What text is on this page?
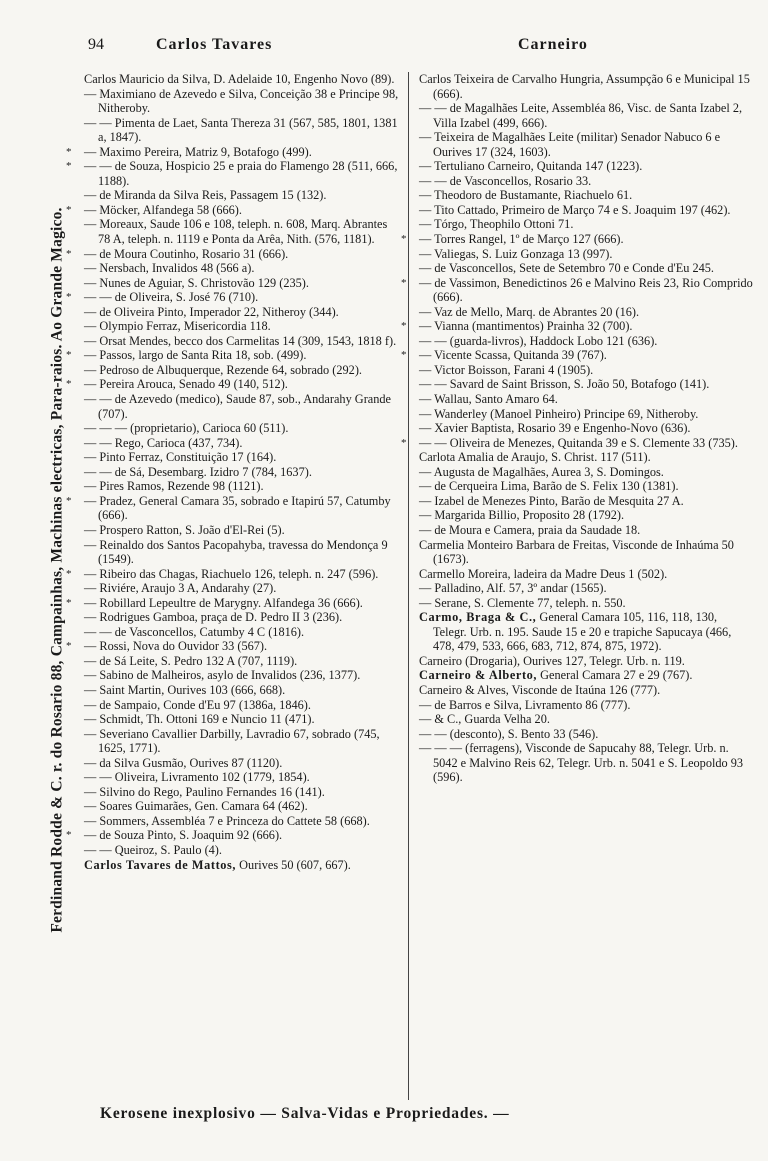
Ferdinand Rodde & C. r. do Rosario 88, Campainhas, Machinas electricas, Para-raios. Ao Grande Magico.
94	Carlos Tavares	Carneiro
Carlos Mauricio da Silva, D. Adelaide 10, Engenho Novo (89).
— Maximiano de Azevedo e Silva, Conceição 38 e Principe 98, Nitheroby.
— — Pimenta de Laet, Santa Thereza 31 (567, 585, 1801, 1381 a, 1847).
*	— Maximo Pereira, Matriz 9, Botafogo (499).
*	— — de Souza, Hospicio 25 e praia do Flamengo 28 (511, 666, 1188).
— de Miranda da Silva Reis, Passagem 15 (132).
*	— Möcker, Alfandega 58 (666).
— Moreaux, Saude 106 e 108, teleph. n. 608, Marq. Abrantes 78 A, teleph. n. 1119 e Ponta da Arêa, Nith. (576, 1181).
*	— de Moura Coutinho, Rosario 31 (666).
— Nersbach, Invalidos 48 (566 a).
— Nunes de Aguiar, S. Christovão 129 (235).
*	— — de Oliveira, S. José 76 (710).
— de Oliveira Pinto, Imperador 22, Nitheroy (344).
— Olympio Ferraz, Misericordia 118.
— Orsat Mendes, becco dos Carmelitas 14 (309, 1543, 1818 f).
*	— Passos, largo de Santa Rita 18, sob. (499).
— Pedroso de Albuquerque, Rezende 64, sobrado (292).
*	— Pereira Arouca, Senado 49 (140, 512).
— — de Azevedo (medico), Saude 87, sob., Andarahy Grande (707).
— — — (proprietario), Carioca 60 (511).
— — Rego, Carioca (437, 734).
— Pinto Ferraz, Constituição 17 (164).
— — de Sá, Desembarg. Izidro 7 (784, 1637).
— Pires Ramos, Rezende 98 (1121).
*	— Pradez, General Camara 35, sobrado e Itapirú 57, Catumby (666).
— Prospero Ratton, S. João d'El-Rei (5).
— Reinaldo dos Santos Pacopahyba, travessa do Mendonça 9 (1549).
*	— Ribeiro das Chagas, Riachuelo 126, teleph. n. 247 (596).
— Riviére, Araujo 3 A, Andarahy (27).
*	— Robillard Lepeultre de Marygny. Alfandega 36 (666).
— Rodrigues Gamboa, praça de D. Pedro II 3 (236).
— — de Vasconcellos, Catumby 4 C (1816).
*	— Rossi, Nova do Ouvidor 33 (567).
— de Sá Leite, S. Pedro 132 A (707, 1119).
— Sabino de Malheiros, asylo de Invalidos (236, 1377).
— Saint Martin, Ourives 103 (666, 668).
— de Sampaio, Conde d'Eu 97 (1386a, 1846).
— Schmidt, Th. Ottoni 169 e Nuncio 11 (471).
— Severiano Cavallier Darbilly, Lavradio 67, sobrado (745, 1625, 1771).
— da Silva Gusmão, Ourives 87 (1120).
— — Oliveira, Livramento 102 (1779, 1854).
— Silvino do Rego, Paulino Fernandes 16 (141).
— Soares Guimarães, Gen. Camara 64 (462).
— Sommers, Assembléa 7 e Princeza do Cattete 58 (668).
*	— de Souza Pinto, S. Joaquim 92 (666).
— — Queiroz, S. Paulo (4).
Carlos Tavares de Mattos, Ourives 50 (607, 667).
Carlos Teixeira de Carvalho Hungria, Assumpção 6 e Municipal 15 (666).
— — de Magalhães Leite, Assembléa 86, Visc. de Santa Izabel 2, Villa Izabel (499, 666).
— Teixeira de Magalhães Leite (militar) Senador Nabuco 6 e Ourives 17 (324, 1603).
— Tertuliano Carneiro, Quitanda 147 (1223).
— — de Vasconcellos, Rosario 33.
— Theodoro de Bustamante, Riachuelo 61.
— Tito Cattado, Primeiro de Março 74 e S. Joaquim 197 (462).
— Tórgo, Theophilo Ottoni 71.
*	— Torres Rangel, 1º de Março 127 (666).
— Valiegas, S. Luiz Gonzaga 13 (997).
— de Vasconcellos, Sete de Setembro 70 e Conde d'Eu 245.
*	— de Vassimon, Benedictinos 26 e Malvino Reis 23, Rio Comprido (666).
— Vaz de Mello, Marq. de Abrantes 20 (16).
*	— Vianna (mantimentos) Prainha 32 (700).
— — (guarda-livros), Haddock Lobo 121 (636).
*	— Vicente Scassa, Quitanda 39 (767).
— Victor Boisson, Farani 4 (1905).
— — Savard de Saint Brisson, S. João 50, Botafogo (141).
— Wallau, Santo Amaro 64.
— Wanderley (Manoel Pinheiro) Principe 69, Nitheroby.
— Xavier Baptista, Rosario 39 e Engenho-Novo (636).
*	— — Oliveira de Menezes, Quitanda 39 e S. Clemente 33 (735).
Carlota Amalia de Araujo, S. Christ. 117 (511).
— Augusta de Magalhães, Aurea 3, S. Domingos.
— de Cerqueira Lima, Barão de S. Felix 130 (1381).
— Izabel de Menezes Pinto, Barão de Mesquita 27 A.
— Margarida Billio, Proposito 28 (1792).
— de Moura e Camera, praia da Saudade 18.
Carmelia Monteiro Barbara de Freitas, Visconde de Inhaúma 50 (1673).
Carmello Moreira, ladeira da Madre Deus 1 (502).
— Palladino, Alf. 57, 3º andar (1565).
— Serane, S. Clemente 77, teleph. n. 550.
Carmo, Braga & C., General Camara 105, 116, 118, 130, Telegr. Urb. n. 195. Saude 15 e 20 e trapiche Sapucaya (466, 478, 479, 533, 666, 683, 712, 874, 875, 1972).
Carneiro (Drogaria), Ourives 127, Telegr. Urb. n. 119.
Carneiro & Alberto, General Camara 27 e 29 (767).
Carneiro & Alves, Visconde de Itaúna 126 (777).
— de Barros e Silva, Livramento 86 (777).
— & C., Guarda Velha 20.
— — (desconto), S. Bento 33 (546).
— — — (ferragens), Visconde de Sapucahy 88, Telegr. Urb. n. 5042 e Malvino Reis 62, Telegr. Urb. n. 5041 e S. Leopoldo 93 (596).
Kerosene inexplosivo — Salva-Vidas e Propriedades. —
